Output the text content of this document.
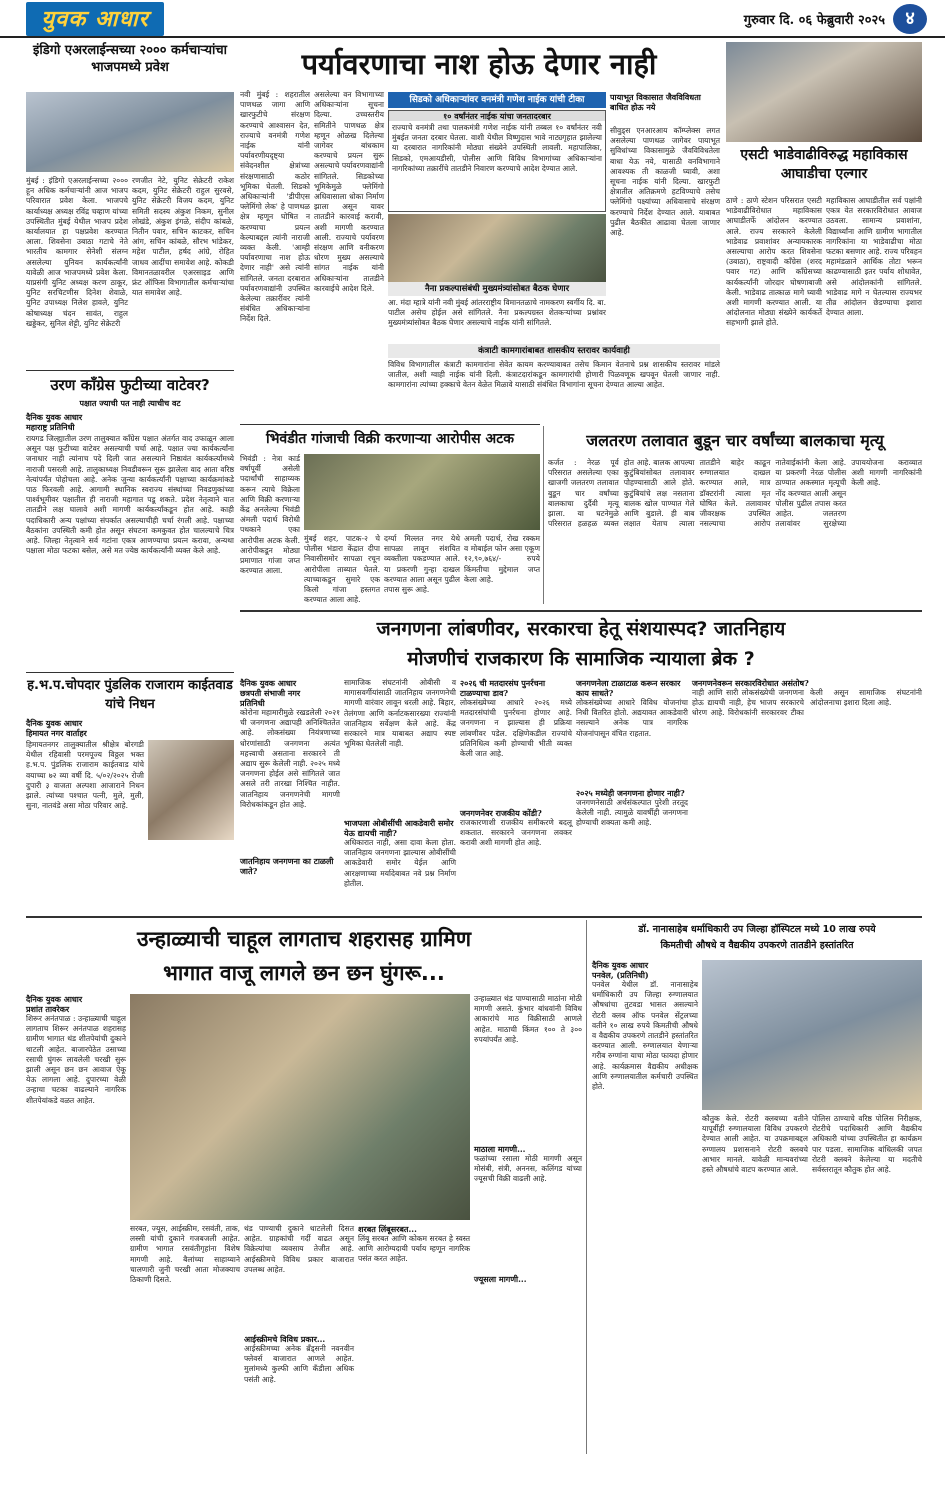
युवक आधार	गुरुवार दि. ०६ फेब्रुवारी २०२५	४
इंडिगो एअरलाईन्सच्या २००० कर्मचाऱ्यांचा भाजपमध्ये प्रवेश
मुंबई : इंडिगो एअरलाईन्सच्या २००० हून अधिक कर्मचाऱ्यांनी आज भाजप परिवारात प्रवेश केला. भाजपचे कार्याध्यक्ष अध्यक्ष रविंद्र चव्हाण यांच्या उपस्थितीत मुंबई येथील भाजप प्रदेश कार्यालयात हा पक्षप्रवेश करण्यात आला. शिवसेना उबाठा गटाचे नेते भारतीय कामगार सेनेशी संलग्न असलेल्या युनियन कार्यकर्त्यांनी यावेळी आज भाजपमध्ये प्रवेश केला. याप्रसंगी युनिट अध्यक्ष करण ठाकूर, युनिट सरचिटणीस दिनेश शेवाळे, युनिट उपाध्यक्ष निलेश हावले, युनिट कोषाध्यक्ष चंदन सावंत, राहुल खड्डेकर, सुनिल शेट्टी, युनिट सेक्रेटरी
रणजीत नेटे, युनिट सेक्रेटरी राकेश कदम, युनिट सेक्रेटरी राहुल सुरवसे, युनिट सेक्रेटरी विजय कदम, युनिट समिती सदस्य अंकुश निकम, सुनील लोखंडे, अंकुश इंगळे, संदीप कांबळे, नितीन पवार, सचिन काटकर, सचिन आंग, सचिन कांबळे, सौरभ भांडेकर, महेश पाटील, हर्षद आंग्रे, रोहित जाधव आदींचा समावेश आहे. कोकडी विमानतळावरील एअरसाइड आणि फ्रंट ऑफिस विभागातील कर्मचाऱ्यांचा यात समावेश आहे.
पर्यावरणाचा नाश होऊ देणार नाही
नवी मुंबई : शहरातील पाणथळ जागा आणि खारफुटीचे संरक्षण करण्याचे आश्वासन देत, राज्याचे वनमंत्री गणेश नाईक यांनी पर्यावरणीयदृष्ट्या संवेदनशील क्षेत्रांच्या संरक्षणासाठी कठोर भूमिका घेतली. सिडको अधिकाऱ्यांनी 'डीपीएस फ्लेमिंगो लेक' हे पाणथळ क्षेत्र म्हणून घोषित न करण्याचा प्रयत्न केल्याबद्दल त्यांनी नाराजी व्यक्त केली. 'आम्ही पर्यावरणाचा नाश होऊ देणार नाही' असे त्यांनी सांगितले. जनता दरबारात पर्यावरणवाद्यांनी उपस्थित केलेल्या तक्रारींवर त्यांनी संबंधित अधिकाऱ्यांना निर्देश दिले.
असलेल्या वन विभागाच्या अधिकाऱ्यांना सूचना दिल्या. उच्चस्तरीय समितीने पाणथळ क्षेत्र म्हणून ओळख दिलेल्या जागेवर बांधकाम करण्याचे प्रयत्न सुरू असल्याचे पर्यावरणवाद्यांनी सांगितले. सिडकोच्या भूमिकेमुळे फ्लेमिंगो अधिवासाला धोका निर्माण झाला असून यावर तातडीने कारवाई करावी, अशी मागणी करण्यात आली. राज्याचे पर्यावरण संरक्षण आणि वनीकरण धोरण मुख्य असल्याचे सांगत नाईक यांनी अधिकाऱ्यांना तातडीने कारवाईचे आदेश दिले.
सिडको अधिकाऱ्यांवर वनमंत्री गणेश नाईक यांची टीका
१० वर्षांनंतर नाईक यांचा जनतादरबार
राज्याचे वनमंत्री तथा पालकमंत्री गणेश नाईक यांनी तब्बल १० वर्षांनंतर नवी मुंबईत जनता दरबार घेतला. वाशी येथील विष्णुदास भावे नाट्यगृहात झालेल्या या दरबारात नागरिकांनी मोठ्या संख्येने उपस्थिती लावली. महापालिका, सिडको, एमआयडीसी, पोलीस आणि विविध विभागांच्या अधिकाऱ्यांना नागरिकांच्या तक्रारींचे तातडीने निवारण करण्याचे आदेश देण्यात आले.
नैना प्रकल्पासंबंधी मुख्यमंत्र्यांसोबत बैठक घेणार
आ. मंदा म्हात्रे यांनी नवी मुंबई आंतरराष्ट्रीय विमानतळाचे नामकरण स्वर्गीय दि. बा. पाटील असेच होईल असे सांगितले. नैना प्रकल्पग्रस्त शेतकऱ्यांच्या प्रश्नांवर मुख्यमंत्र्यांसोबत बैठक घेणार असल्याचे नाईक यांनी सांगितले.
पायाभूत विकासात जैवविविधता बाधित होऊ नये
सीवुड्स एनआरआय कॉम्प्लेक्स लगत असलेल्या पाणथळ जागेवर पायाभूत सुविधांच्या विकासामुळे जैवविविधतेला बाधा येऊ नये, यासाठी वनविभागाने आवश्यक ती काळजी घ्यावी, अशा सूचना नाईक यांनी दिल्या. खारफुटी क्षेत्रातील अतिक्रमणे हटविण्याचे तसेच फ्लेमिंगो पक्ष्यांच्या अधिवासाचे संरक्षण करण्याचे निर्देश देण्यात आले. याबाबत पुढील बैठकीत आढावा घेतला जाणार आहे.
कंत्राटी कामगारांबाबत शासकीय स्तरावर कार्यवाही
विविध विभागातील कंत्राटी कामगारांना सेवेत कायम करण्याबाबत तसेच किमान वेतनाचे प्रश्न शासकीय स्तरावर मांडले जातील, अशी ग्वाही नाईक यांनी दिली. कंत्राटदारांकडून कामगारांची होणारी पिळवणूक खपवून घेतली जाणार नाही. कामगारांना त्यांच्या हक्काचे वेतन वेळेत मिळावे यासाठी संबंधित विभागांना सूचना देण्यात आल्या आहेत.
एसटी भाडेवाढीविरुद्ध महाविकास आघाडीचा एल्गार
ठाणे : ठाणे स्टेशन परिसरात एसटी भाडेवाढीविरोधात महाविकास आघाडीतर्फे आंदोलन करण्यात आले. राज्य सरकारने केलेली भाडेवाढ प्रवाशांवर अन्यायकारक असल्याचा आरोप करत शिवसेना (उबाठा), राष्ट्रवादी काँग्रेस (शरद पवार गट) आणि काँग्रेसच्या कार्यकर्त्यांनी जोरदार घोषणाबाजी केली. भाडेवाढ तात्काळ मागे घ्यावी अशी मागणी करण्यात आली. या आंदोलनात मोठ्या संख्येने कार्यकर्ते सहभागी झाले होते.
महाविकास आघाडीतील सर्व पक्षांनी एकत्र येत सरकारविरोधात आवाज उठवला. सामान्य प्रवाशांना, विद्यार्थ्यांना आणि ग्रामीण भागातील नागरिकांना या भाडेवाढीचा मोठा फटका बसणार आहे. राज्य परिवहन महामंडळाने आर्थिक तोटा भरून काढण्यासाठी इतर पर्याय शोधावेत, असे आंदोलकांनी सांगितले. भाडेवाढ मागे न घेतल्यास राज्यभर तीव्र आंदोलन छेडण्याचा इशारा देण्यात आला.
उरण काँग्रेस फुटीच्या वाटेवर?
पक्षात ज्याची पत नाही त्याचीच वट
दैनिक युवक आधार
महाराष्ट्र प्रतिनिधी
रायगड जिल्ह्यातील उरण तालुक्यात काँग्रेस पक्षात अंतर्गत वाद उफाळून आला असून पक्ष फुटीच्या वाटेवर असल्याची चर्चा आहे. पक्षात ज्या कार्यकर्त्यांना जनाधार नाही त्यांनाच पदे दिली जात असल्याने निष्ठावंत कार्यकर्त्यांमध्ये नाराजी पसरली आहे. तालुकाध्यक्ष निवडीवरून सुरू झालेला वाद आता वरिष्ठ नेत्यांपर्यंत पोहोचला आहे. अनेक जुन्या कार्यकर्त्यांनी पक्षाच्या कार्यक्रमांकडे पाठ फिरवली आहे. आगामी स्थानिक स्वराज्य संस्थांच्या निवडणुकांच्या पार्श्वभूमीवर पक्षातील ही नाराजी महागात पडू शकते. प्रदेश नेतृत्वाने यात तातडीने लक्ष घालावे अशी मागणी कार्यकर्त्यांकडून होत आहे. काही पदाधिकारी अन्य पक्षांच्या संपर्कात असल्याचीही चर्चा रंगली आहे. पक्षाच्या बैठकांना उपस्थिती कमी होत असून संघटना कमकुवत होत चालल्याचे चित्र आहे. जिल्हा नेतृत्वाने सर्व गटांना एकत्र आणण्याचा प्रयत्न करावा, अन्यथा पक्षाला मोठा फटका बसेल, असे मत ज्येष्ठ कार्यकर्त्यांनी व्यक्त केले आहे.
भिवंडीत गांजाची विक्री करणाऱ्या आरोपीस अटक
भिवंडी : नेत्रा कार्ड वर्षापूर्वी असेली पदार्थांची साहाय्यक करून त्याचे विक्रेला आणि विक्री करणाऱ्या केंद्र अनलेल्या भिवंडी अंमली पदार्थ विरोधी पथकाने एका आरोपीस अटक केली. आरोपीकडून मोठ्या प्रमाणात गांजा जप्त करण्यात आला.
मुंबई शहर, पाटक-२ चे पोलीस भंडारा केंद्रात दीपा निवासीसमोर सापळा रचून आरोपीला ताब्यात घेतले. त्याच्याकडून सुमारे एक किलो गांजा हस्तगत करण्यात आला आहे.
दर्ग्या मिल्लत नगर येथे सापळा लावून संशयित व्यक्तीला पकडण्यात आले. या प्रकरणी गुन्हा दाखल करण्यात आला असून पुढील तपास सुरू आहे.
अमली पदार्थ, रोख रक्कम व मोबाईल फोन असा एकूण १२,९०,७६४/- रुपये किंमतीचा मुद्देमाल जप्त केला आहे.
जलतरण तलावात बुडून चार वर्षांच्या बालकाचा मृत्यू
कर्जत : नेरळ पूर्व परिसरात असलेल्या एका खाजगी जलतरण तलावात बुडून चार वर्षांच्या बालकाचा दुर्दैवी मृत्यू झाला. या घटनेमुळे परिसरात हळहळ व्यक्त होत आहे. बालक आपल्या कुटुंबियांसोबत तलावावर पोहण्यासाठी आले होते. कुटुंबियांचे लक्ष नसताना बालक खोल पाण्यात गेले आणि बुडाले. ही बाब लक्षात येताच त्याला तातडीने बाहेर काढून रुग्णालयात दाखल करण्यात आले, मात्र डॉक्टरांनी त्याला मृत घोषित केले. तलावावर जीवरक्षक उपस्थित नसल्याचा आरोप नातेवाईकांनी केला आहे. या प्रकरणी नेरळ पोलीस ठाण्यात अकस्मात मृत्यूची नोंद करण्यात आली असून पोलीस पुढील तपास करत आहेत. जलतरण तलावांवर सुरक्षेच्या उपाययोजना कराव्यात अशी मागणी नागरिकांनी केली आहे.
जनगणना लांबणीवर, सरकारचा हेतू संशयास्पद? जातनिहाय
मोजणीचं राजकारण कि सामाजिक न्यायाला ब्रेक ?
दैनिक युवक आधार
छत्रपती संभाजी नगर
प्रतिनिधी
कोरोना महामारीमुळे रखडलेली २०२१ ची जनगणना अद्यापही अनिश्चिततेत आहे. लोकसंख्या नियंत्रणाच्या धोरणांसाठी जनगणना अत्यंत महत्त्वाची असताना सरकारने ती अद्याप सुरू केलेली नाही. २०२५ मध्ये जनगणना होईल असे सांगितले जात असले तरी तारखा निश्चित नाहीत. जातनिहाय जनगणनेची मागणी विरोधकांकडून होत आहे.
जातनिहाय जनगणना का टाळली जाते?
सामाजिक संघटनांनी ओबीसी व मागासवर्गीयांसाठी जातनिहाय जनगणनेची मागणी वारंवार लावून धरली आहे. बिहार, तेलंगणा आणि कर्नाटकसारख्या राज्यांनी जातनिहाय सर्वेक्षण केले आहे. केंद्र सरकारने मात्र याबाबत अद्याप स्पष्ट भूमिका घेतलेली नाही.
भाजपला ओबीसींची आकडेवारी समोर येऊ द्यायची नाही?
अधिकारात नाही, असा दावा केला होता. जातनिहाय जनगणना झाल्यास ओबीसींची आकडेवारी समोर येईल आणि आरक्षणाच्या मर्यादेबाबत नवे प्रश्न निर्माण होतील.
२०२६ ची मतदारसंघ पुनर्रचना टाळण्याचा डाव?
लोकसंख्येच्या आधारे २०२६ मध्ये मतदारसंघांची पुनर्रचना होणार आहे. जनगणना न झाल्यास ही प्रक्रिया लांबणीवर पडेल. दक्षिणेकडील राज्यांचे प्रतिनिधित्व कमी होण्याची भीती व्यक्त केली जात आहे.
जनगणनेवर राजकीय कोंडी?
राजकारणाशी राजकीय समीकरणे बदलू शकतात. सरकारने जनगणना लवकर करावी अशी मागणी होत आहे.
जनगणनेला टाळाटाळ करून सरकार काय साधते?
लोकसंख्येच्या आधारे विविध योजनांचा निधी वितरित होतो. अद्ययावत आकडेवारी नसल्याने अनेक पात्र नागरिक योजनांपासून वंचित राहतात.
२०२५ मध्येही जनगणना होणार नाही?
जनगणनेसाठी अर्थसंकल्पात पुरेशी तरतूद केलेली नाही. त्यामुळे यावर्षीही जनगणना होण्याची शक्यता कमी आहे.
जनगणनेवरून सरकारविरोधात असंतोष?
नाही आणि सारी लोकसंख्येची जनगणना होऊ द्यायची नाही, हेच भाजप सरकारचे धोरण आहे. विरोधकांनी सरकारवर टीका केली असून सामाजिक संघटनांनी आंदोलनाचा इशारा दिला आहे.
ह.भ.प.चोपदार पुंडलिक राजाराम काईतवाड यांचे निधन
दैनिक युवक आधार
हिमायत नगर वार्ताहर
हिमायतनगर तालुक्यातील श्रीक्षेत्र बोरगडी येथील रहिवासी परमपूज्य विठ्ठल भक्त ह.भ.प. पुंडलिक राजाराम काईतवाड यांचे वयाच्या ७२ व्या वर्षी दि. ५/०२/२०२५ रोजी दुपारी ३ वाजता अल्पशा आजाराने निधन झाले. त्यांच्या पश्चात पत्नी, मुले, मुली, सुना, नातवंडे असा मोठा परिवार आहे.
उन्हाळ्याची चाहूल लागताच शहरासह ग्रामिण
भागात वाजू लागले छन छन घुंगरू...
दैनिक युवक आधार
प्रशांत तावरेकर
शिरूर अनंतपाळ : उन्हाळ्याची चाहूल लागताच शिरूर अनंतपाळ शहरासह ग्रामीण भागात थंड शीतपेयांची दुकाने थाटली आहेत. बाजारपेठेत उसाच्या रसाची घुंगरू लावलेली चरखी सुरू झाली असून छन छन आवाज ऐकू येऊ लागला आहे. दुपारच्या वेळी उन्हाचा चटका वाढल्याने नागरिक शीतपेयांकडे वळत आहेत.
सरबत, ज्यूस, आईस्क्रीम, रसवंती, ताक, लस्सी यांची दुकाने गजबजली आहेत. ग्रामीण भागात रसवंतीगृहांना विशेष मागणी आहे. बैलांच्या साहाय्याने चालणारी जुनी चरखी आता मोजक्याच ठिकाणी दिसते.
थंड पाण्याची दुकाने थाटलेली दिसत आहेत. ग्राहकांची गर्दी वाढत असून विक्रेत्यांचा व्यवसाय तेजीत आहे. आईस्क्रीमचे विविध प्रकार बाजारात उपलब्ध आहेत.
आईस्क्रीमचे विविध प्रकार...
आईस्क्रीमच्या अनेक ब्रँड्सनी नवनवीन फ्लेवर्स बाजारात आणले आहेत. मुलांमध्ये कुल्फी आणि कँडीला अधिक पसंती आहे.
शरबत लिंबूसरबत...
लिंबू सरबत आणि कोकम सरबत हे स्वस्त आणि आरोग्यदायी पर्याय म्हणून नागरिक पसंत करत आहेत.
उन्हाळ्यात थंड पाण्यासाठी माठांना मोठी मागणी असते. कुंभार बांधवांनी विविध आकारांचे माठ विक्रीसाठी आणले आहेत. माठाची किंमत १०० ते ३०० रुपयांपर्यंत आहे.
माठाला मागणी...
फळांच्या रसाला मोठी मागणी असून मोसंबी, संत्री, अननस, कलिंगड यांच्या ज्यूसची विक्री वाढली आहे.
ज्यूसला मागणी...
डॉ. नानासाहेब धर्माधिकारी उप जिल्हा हॉस्पिटल मध्ये 10 लाख रुपये
किमतीची औषधे व वैद्यकीय उपकरणे तातडीने हस्तांतरित
दैनिक युवक आधार
पनवेल, (प्रतिनिधी)
पनवेल येथील डॉ. नानासाहेब धर्माधिकारी उप जिल्हा रुग्णालयात औषधांचा तुटवडा भासत असल्याने रोटरी क्लब ऑफ पनवेल सेंट्रलच्या वतीने १० लाख रुपये किमतीची औषधे व वैद्यकीय उपकरणे तातडीने हस्तांतरित करण्यात आली. रुग्णालयात येणाऱ्या गरीब रुग्णांना याचा मोठा फायदा होणार आहे. कार्यक्रमास वैद्यकीय अधीक्षक आणि रुग्णालयातील कर्मचारी उपस्थित होते.
कौतुक केले. रोटरी क्लबच्या वतीने यापूर्वीही रुग्णालयाला विविध उपकरणे देण्यात आली आहेत. या उपक्रमाबद्दल रुग्णालय प्रशासनाने रोटरी क्लबचे आभार मानले. यावेळी मान्यवरांच्या हस्ते औषधांचे वाटप करण्यात आले.
पोलिस ठाण्याचे वरिष्ठ पोलिस निरीक्षक, रोटरीचे पदाधिकारी आणि वैद्यकीय अधिकारी यांच्या उपस्थितीत हा कार्यक्रम पार पडला. सामाजिक बांधिलकी जपत रोटरी क्लबने केलेल्या या मदतीचे सर्वस्तरातून कौतुक होत आहे.
